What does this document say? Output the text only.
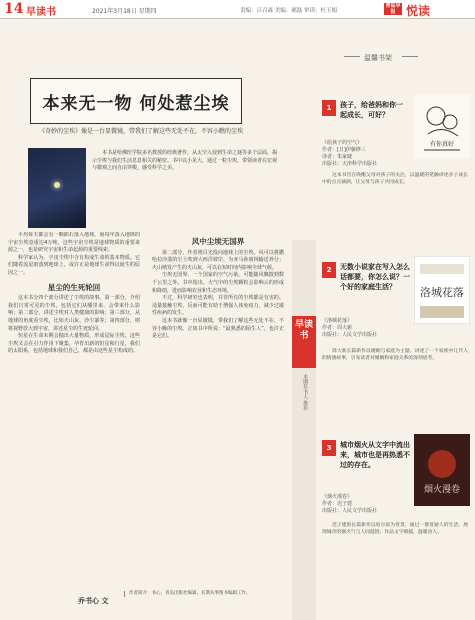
14 早读书	2021年3月18日 星期四	责编：吕召森 美编：郝磊 审读：杜玉娟
青岛早报 悦读
本来无一物 何处惹尘埃
《奇妙的尘埃》像是一台显微镜，带我们了解这些无处不在，不容小瞧的尘埃
本书是哈佛医学院多名教授的经典著作，从太空入侵到生命之谜等多个层面，揭示尘埃与我们生活息息相关的秘密。书中以小见大，通过一粒尘埃，带领读者在宏观与微观之间自由穿梭，感受科学之美。

平均每天都会有一颗陨石落入地球，而每年落入地球的宇宙尘埃竟重达4万吨。这些宇宙尘埃是地球物质的重要来源之一，也是研究宇宙和生命起源的重要线索。

科学家认为，宇宙尘埃中含有构成生命的基本物质。它们随着流星雨落到地球上，或许正是地球生命得以诞生的原因之一。

星尘的生死轮回

这本书分四个部分讲述了尘埃的故事。第一部分，介绍我们日常可见的尘埃，包括它们从哪里来、会带来什么影响；第二部分，讲述尘埃对人类健康的影响；第三部分，从地球的角度看尘埃，比如火山灰、沙尘暴等；第四部分，则将视野放大到宇宙，讲述星尘的生死轮回。

恒星在生命末期会抛出大量物质，形成星际尘埃。这些尘埃又会在引力作用下聚集，孕育出新的恒星和行星。我们的太阳系，包括地球和我们自己，都是由这些星尘构成的。

风中尘埃无国界

第二部分，作者将目光投向地球上的尘埃。风可以将撒哈拉沙漠的尘土吹到大西洋彼岸，为亚马孙雨林输送养分；火山喷发产生的火山灰，可以在短时间内影响全球气候。

尘埃无国界。一个国家的空气污染，可能随风飘散到数千公里之外。书中指出，大气中的尘埃颗粒会影响云的形成和降雨，进而影响农业和生态环境。

不过，科学研究也表明，并非所有的尘埃都是有害的。适量接触尘埃，反而可能有助于增强人体免疫力，减少过敏性疾病的发生。

这本书就像一台显微镜，带我们了解这些无处不在、不容小瞧的尘埃。正如书中所说：“最熟悉的陌生人”，也许正是它们。

乔书心 文
作者简介：书心，青岛出版社编辑，长期从事图书编辑工作。
早读书
本期荐书人 推荐
温馨书架
1	孩子，给爸妈和你一起成长，可好？
《给孩子的空气》
作者：[日]伊藤修三
译者：朱家婕
出版社：天津科学出版社
有你真好
这本书旨在唤醒父母对孩子的关注，以温暖的笔触讲述亲子成长中的点点滴滴，让父母与孩子共同成长。
2	无数小说家在写入怎么话都要，你怎么说？一个好的家庭生活？
《洛城花落》
作者：周大新
出版社：人民文学出版社
洛城花落
周大新长篇新作以婚姻与家庭为主题，讲述了一个家族中几代人的情感故事，引发读者对婚姻和家庭关系的深刻思考。
3	城市烟火从文字中流出来，城市也是再热悉不过的存在。
《烟火漫卷》
作者：迟子建
出版社：人民文学出版社
烟火漫卷
迟子建的长篇新作以哈尔滨为背景，通过一群普通人的生活，展现城市的烟火气与人间温情。作品文字细腻，温暖动人。
